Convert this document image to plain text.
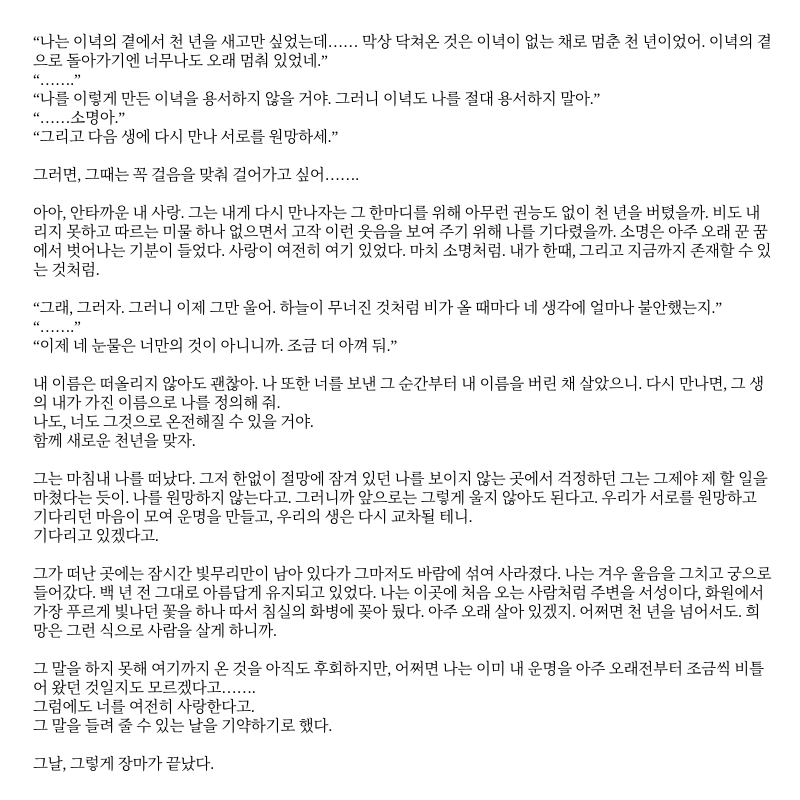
“나는 이녁의 곁에서 천 년을 새고만 싶었는데…… 막상 닥쳐온 것은 이녁이 없는 채로 멈춘 천 년이었어. 이녁의 곁으로 돌아가기엔 너무나도 오래 멈춰 있었네.”
“…….”
“나를 이렇게 만든 이녁을 용서하지 않을 거야. 그러니 이녁도 나를 절대 용서하지 말아.”
“……소명아.”
“그리고 다음 생에 다시 만나 서로를 원망하세.”

그러면, 그때는 꼭 걸음을 맞춰 걸어가고 싶어…….

아아, 안타까운 내 사랑. 그는 내게 다시 만나자는 그 한마디를 위해 아무런 권능도 없이 천 년을 버텼을까. 비도 내리지 못하고 따르는 미물 하나 없으면서 고작 이런 웃음을 보여 주기 위해 나를 기다렸을까. 소명은 아주 오래 꾼 꿈에서 벗어나는 기분이 들었다. 사랑이 여전히 여기 있었다. 마치 소명처럼. 내가 한때, 그리고 지금까지 존재할 수 있는 것처럼.

“그래, 그러자. 그러니 이제 그만 울어. 하늘이 무너진 것처럼 비가 올 때마다 네 생각에 얼마나 불안했는지.”
“…….”
“이제 네 눈물은 너만의 것이 아니니까. 조금 더 아껴 둬.”

내 이름은 떠올리지 않아도 괜찮아. 나 또한 너를 보낸 그 순간부터 내 이름을 버린 채 살았으니. 다시 만나면, 그 생의 내가 가진 이름으로 나를 정의해 줘.
나도, 너도 그것으로 온전해질 수 있을 거야.
함께 새로운 천년을 맞자.

그는 마침내 나를 떠났다. 그저 한없이 절망에 잠겨 있던 나를 보이지 않는 곳에서 걱정하던 그는 그제야 제 할 일을 마쳤다는 듯이. 나를 원망하지 않는다고. 그러니까 앞으로는 그렇게 울지 않아도 된다고. 우리가 서로를 원망하고 기다리던 마음이 모여 운명을 만들고, 우리의 생은 다시 교차될 테니.
기다리고 있겠다고.

그가 떠난 곳에는 잠시간 빛무리만이 남아 있다가 그마저도 바람에 섞여 사라졌다. 나는 겨우 울음을 그치고 궁으로 들어갔다. 백 년 전 그대로 아름답게 유지되고 있었다. 나는 이곳에 처음 오는 사람처럼 주변을 서성이다, 화원에서 가장 푸르게 빛나던 꽃을 하나 따서 침실의 화병에 꽂아 뒀다. 아주 오래 살아 있겠지. 어쩌면 천 년을 넘어서도. 희망은 그런 식으로 사람을 살게 하니까.

그 말을 하지 못해 여기까지 온 것을 아직도 후회하지만, 어쩌면 나는 이미 내 운명을 아주 오래전부터 조금씩 비틀어 왔던 것일지도 모르겠다고…….
그럼에도 너를 여전히 사랑한다고.
그 말을 들려 줄 수 있는 날을 기약하기로 했다.

그날, 그렇게 장마가 끝났다.
